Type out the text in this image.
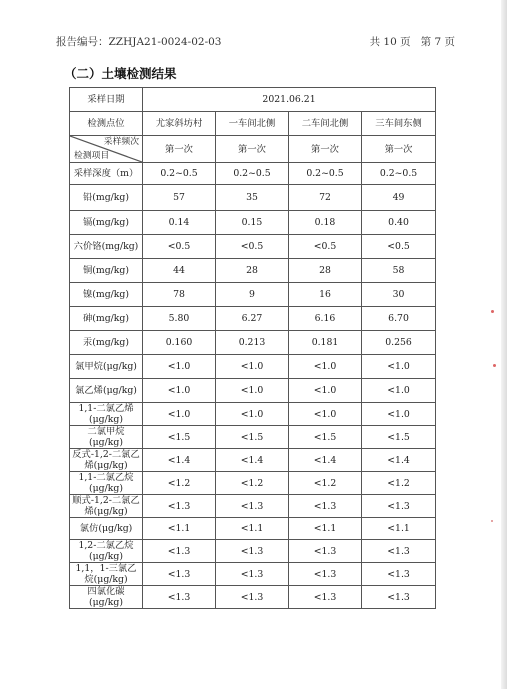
报告编号：ZZHJA21-0024-02-03	共 10 页 第 7 页
（二）土壤检测结果
采样日期	2021.06.21			
检测点位	尤家斜坊村	一车间北侧	二车间北侧	三车间东侧

采样频次
检测项目	第一次	第一次	第一次	第一次
采样深度（m）	0.2~0.5	0.2~0.5	0.2~0.5	0.2~0.5
铅(mg/kg)	57	35	72	49
镉(mg/kg)	0.14	0.15	0.18	0.40
六价铬(mg/kg)	<0.5	<0.5	<0.5	<0.5
铜(mg/kg)	44	28	28	58
镍(mg/kg)	78	9	16	30
砷(mg/kg)	5.80	6.27	6.16	6.70
汞(mg/kg)	0.160	0.213	0.181	0.256
氯甲烷(μg/kg)	<1.0	<1.0	<1.0	<1.0
氯乙烯(μg/kg)	<1.0	<1.0	<1.0	<1.0
1,1-二氯乙烯(μg/kg)	<1.0	<1.0	<1.0	<1.0
二氯甲烷(μg/kg)	<1.5	<1.5	<1.5	<1.5
反式-1,2-二氯乙烯(μg/kg)	<1.4	<1.4	<1.4	<1.4
1,1-二氯乙烷(μg/kg)	<1.2	<1.2	<1.2	<1.2
顺式-1,2-二氯乙烯(μg/kg)	<1.3	<1.3	<1.3	<1.3
氯仿(μg/kg)	<1.1	<1.1	<1.1	<1.1
1,2-二氯乙烷(μg/kg)	<1.3	<1.3	<1.3	<1.3
1,1，1-三氯乙烷(μg/kg)	<1.3	<1.3	<1.3	<1.3
四氯化碳(μg/kg)	<1.3	<1.3	<1.3	<1.3
